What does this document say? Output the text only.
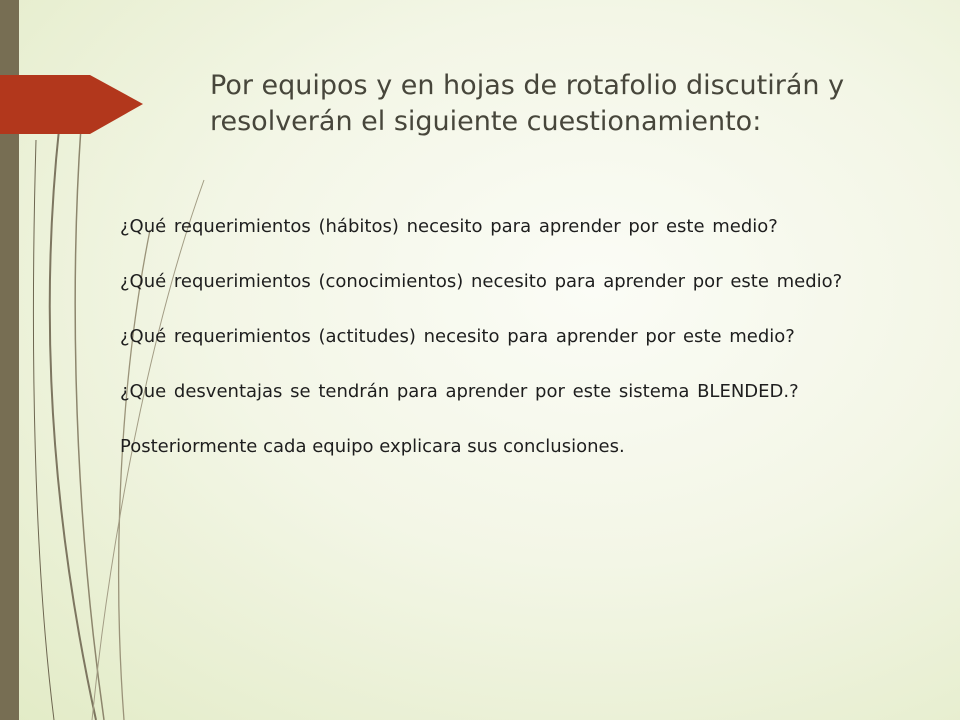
Por equipos y en hojas de rotafolio discutirán y resolverán el siguiente cuestionamiento:

¿Qué requerimientos (hábitos) necesito para aprender por este medio?

¿Qué requerimientos (conocimientos) necesito para aprender por este medio?

¿Qué requerimientos (actitudes) necesito para aprender por este medio?

¿Que desventajas se tendrán para aprender por este sistema BLENDED.?

Posteriormente cada equipo explicara sus conclusiones.
